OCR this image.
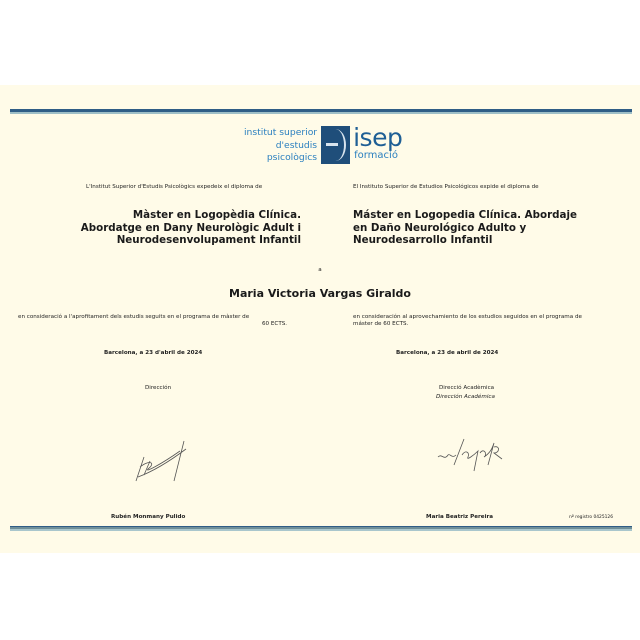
institut superior
d'estudis
psicològics
isep
formació
L'Institut Superior d'Estudis Psicològics expedeix el diploma de	El Instituto Superior de Estudios Psicológicos expide el diploma de
Màster en Logopèdia Clínica. Abordatge en Dany Neurològic Adult i Neurodesenvolupament Infantil
Máster en Logopedia Clínica. Abordaje en Daño Neurológico Adulto y Neurodesarrollo Infantil
a
Maria Victoria Vargas Giraldo
en consideració a l'aprofitament dels estudis seguits en el programa de màster de
60 ECTS.
en consideración al aprovechamiento de los estudios seguidos en el programa de
máster de 60 ECTS.
Barcelona, a 23 d'abril de 2024	Barcelona, a 23 de abril de 2024
Dirección	Direcció Acadèmica
Dirección Académica
Rubén Monmany Pulido	Maria Beatriz Pereira	nº registro 0425126
